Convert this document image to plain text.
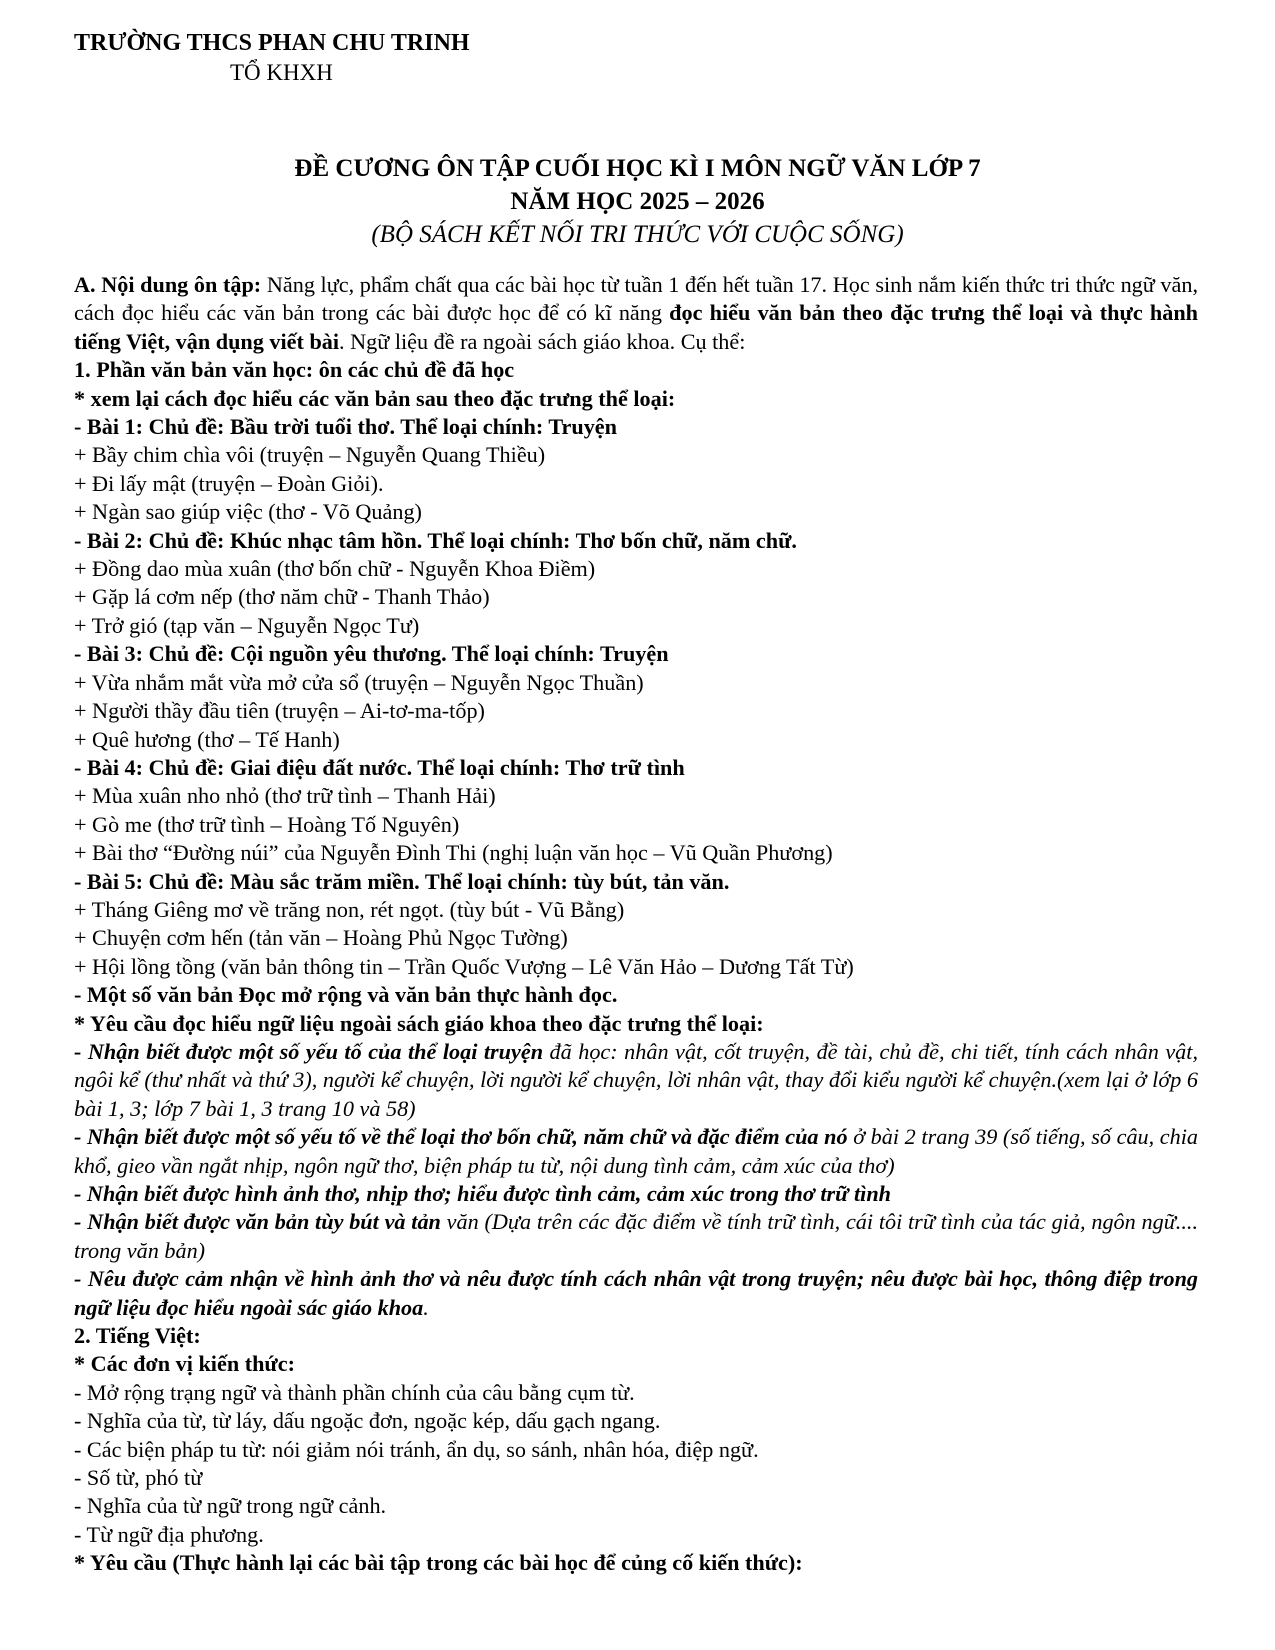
TRƯỜNG THCS PHAN CHU TRINH
TỔ KHXH
ĐỀ CƯƠNG ÔN TẬP CUỐI HỌC KÌ I MÔN NGỮ VĂN LỚP 7
NĂM HỌC 2025 – 2026
(BỘ SÁCH KẾT NỐI TRI THỨC VỚI CUỘC SỐNG)
A. Nội dung ôn tập: Năng lực, phẩm chất qua các bài học từ tuần 1 đến hết tuần 17. Học sinh nắm kiến thức tri thức ngữ văn, cách đọc hiểu các văn bản trong các bài được học để có kĩ năng đọc hiểu văn bản theo đặc trưng thể loại và thực hành tiếng Việt, vận dụng viết bài. Ngữ liệu đề ra ngoài sách giáo khoa. Cụ thể:
1. Phần văn bản văn học: ôn các chủ đề đã học
* xem lại cách đọc hiểu các văn bản sau theo đặc trưng thể loại:
- Bài 1: Chủ đề: Bầu trời tuổi thơ. Thể loại chính: Truyện
+ Bầy chim chìa vôi (truyện – Nguyễn Quang Thiều)
+ Đi lấy mật (truyện – Đoàn Giỏi).
+ Ngàn sao giúp việc (thơ - Võ Quảng)
- Bài 2: Chủ đề: Khúc nhạc tâm hồn. Thể loại chính: Thơ bốn chữ, năm chữ.
+ Đồng dao mùa xuân (thơ bốn chữ - Nguyễn Khoa Điềm)
+ Gặp lá cơm nếp (thơ năm chữ - Thanh Thảo)
+ Trở gió (tạp văn – Nguyễn Ngọc Tư)
- Bài 3: Chủ đề: Cội nguồn yêu thương. Thể loại chính: Truyện
+ Vừa nhắm mắt vừa mở cửa sổ (truyện – Nguyễn Ngọc Thuần)
+ Người thầy đầu tiên (truyện – Ai-tơ-ma-tốp)
+ Quê hương (thơ – Tế Hanh)
- Bài 4: Chủ đề: Giai điệu đất nước. Thể loại chính: Thơ trữ tình
+ Mùa xuân nho nhỏ (thơ trữ tình – Thanh Hải)
+ Gò me (thơ trữ tình – Hoàng Tố Nguyên)
+ Bài thơ “Đường núi” của Nguyễn Đình Thi (nghị luận văn học – Vũ Quần Phương)
- Bài 5: Chủ đề: Màu sắc trăm miền. Thể loại chính: tùy bút, tản văn.
+ Tháng Giêng mơ về trăng non, rét ngọt. (tùy bút - Vũ Bằng)
+ Chuyện cơm hến (tản văn – Hoàng Phủ Ngọc Tường)
+ Hội lồng tồng (văn bản thông tin – Trần Quốc Vượng – Lê Văn Hảo – Dương Tất Từ)
- Một số văn bản Đọc mở rộng và văn bản thực hành đọc.
* Yêu cầu đọc hiểu ngữ liệu ngoài sách giáo khoa theo đặc trưng thể loại:
- Nhận biết được một số yếu tố của thể loại truyện đã học: nhân vật, cốt truyện, đề tài, chủ đề, chi tiết, tính cách nhân vật, ngôi kể (thư nhất và thứ 3), người kể chuyện, lời người kể chuyện, lời nhân vật, thay đổi kiểu người kể chuyện.(xem lại ở lớp 6 bài 1, 3; lớp 7 bài 1, 3 trang 10 và 58)
- Nhận biết được một số yếu tố về thể loại thơ bốn chữ, năm chữ và đặc điểm của nó ở bài 2 trang 39 (số tiếng, số câu, chia khổ, gieo vần ngắt nhịp, ngôn ngữ thơ, biện pháp tu từ, nội dung tình cảm, cảm xúc của thơ)
- Nhận biết được hình ảnh thơ, nhịp thơ; hiểu được tình cảm, cảm xúc trong thơ trữ tình
- Nhận biết được văn bản tùy bút và tản văn (Dựa trên các đặc điểm về tính trữ tình, cái tôi trữ tình của tác giả, ngôn ngữ.... trong văn bản)
- Nêu được cảm nhận về hình ảnh thơ và nêu được tính cách nhân vật trong truyện; nêu được bài học, thông điệp trong ngữ liệu đọc hiểu ngoài sác giáo khoa.
2. Tiếng Việt:
* Các đơn vị kiến thức:
- Mở rộng trạng ngữ và thành phần chính của câu bằng cụm từ.
- Nghĩa của từ, từ láy, dấu ngoặc đơn, ngoặc kép, dấu gạch ngang.
- Các biện pháp tu từ: nói giảm nói tránh, ẩn dụ, so sánh, nhân hóa, điệp ngữ.
- Số từ, phó từ
- Nghĩa của từ ngữ trong ngữ cảnh.
- Từ ngữ địa phương.
* Yêu cầu (Thực hành lại các bài tập trong các bài học để củng cố kiến thức):
